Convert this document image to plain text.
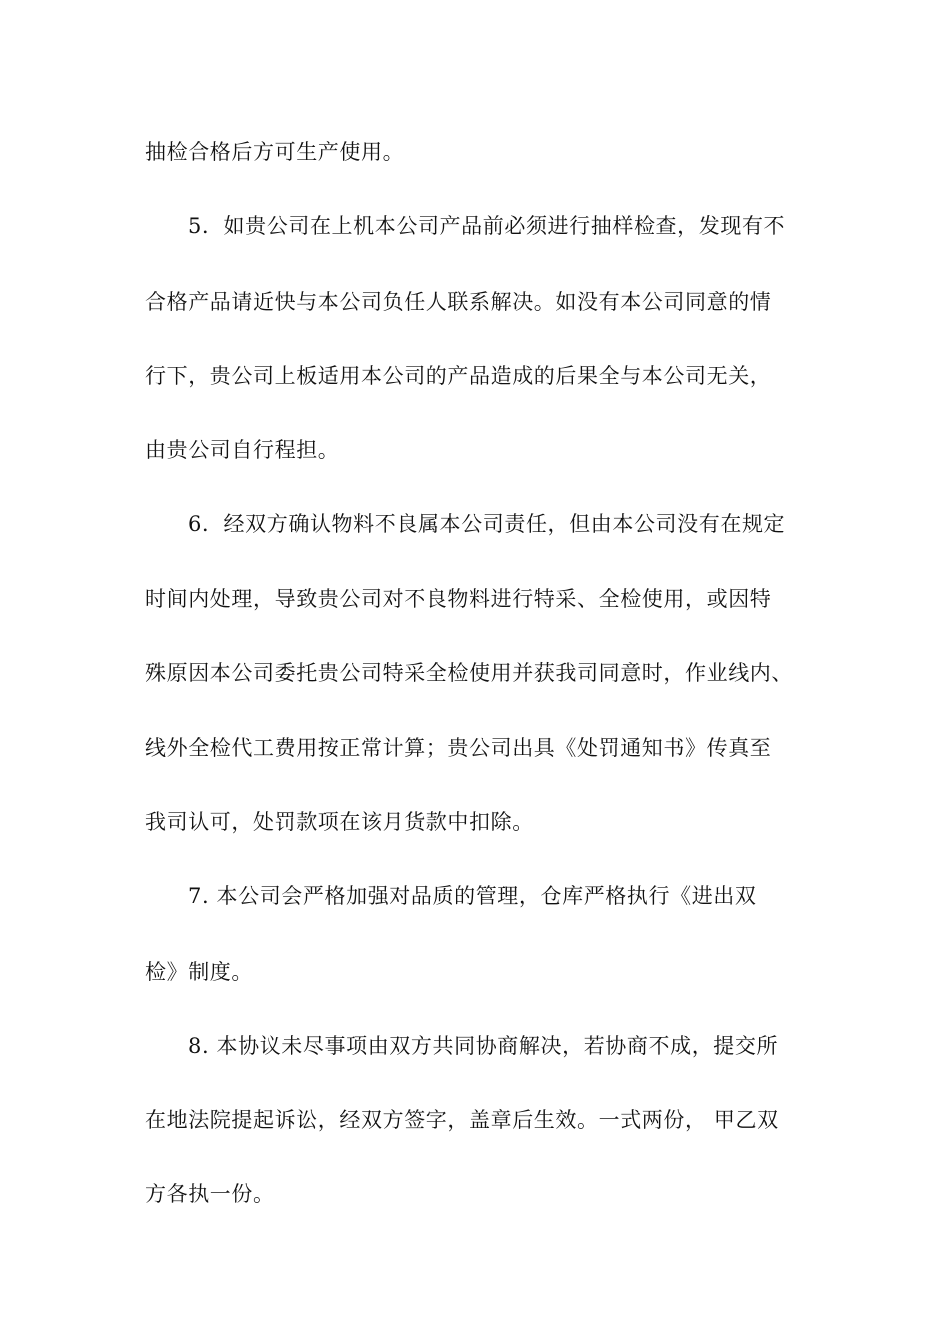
抽检合格后方可生产使用。
5．如贵公司在上机本公司产品前必须进行抽样检查，发现有不
合格产品请近快与本公司负任人联系解决。如没有本公司同意的情
行下，贵公司上板适用本公司的产品造成的后果全与本公司无关，
由贵公司自行程担。
6．经双方确认物料不良属本公司责任，但由本公司没有在规定
时间内处理，导致贵公司对不良物料进行特采、全检使用，或因特
殊原因本公司委托贵公司特采全检使用并获我司同意时，作业线内、
线外全检代工费用按正常计算；贵公司出具《处罚通知书》传真至
我司认可，处罚款项在该月货款中扣除。
7. 本公司会严格加强对品质的管理，仓库严格执行《进出双
检》制度。
8. 本协议未尽事项由双方共同协商解决，若协商不成，提交所
在地法院提起诉讼，经双方签字，盖章后生效。一式两份， 甲乙双
方各执一份。
